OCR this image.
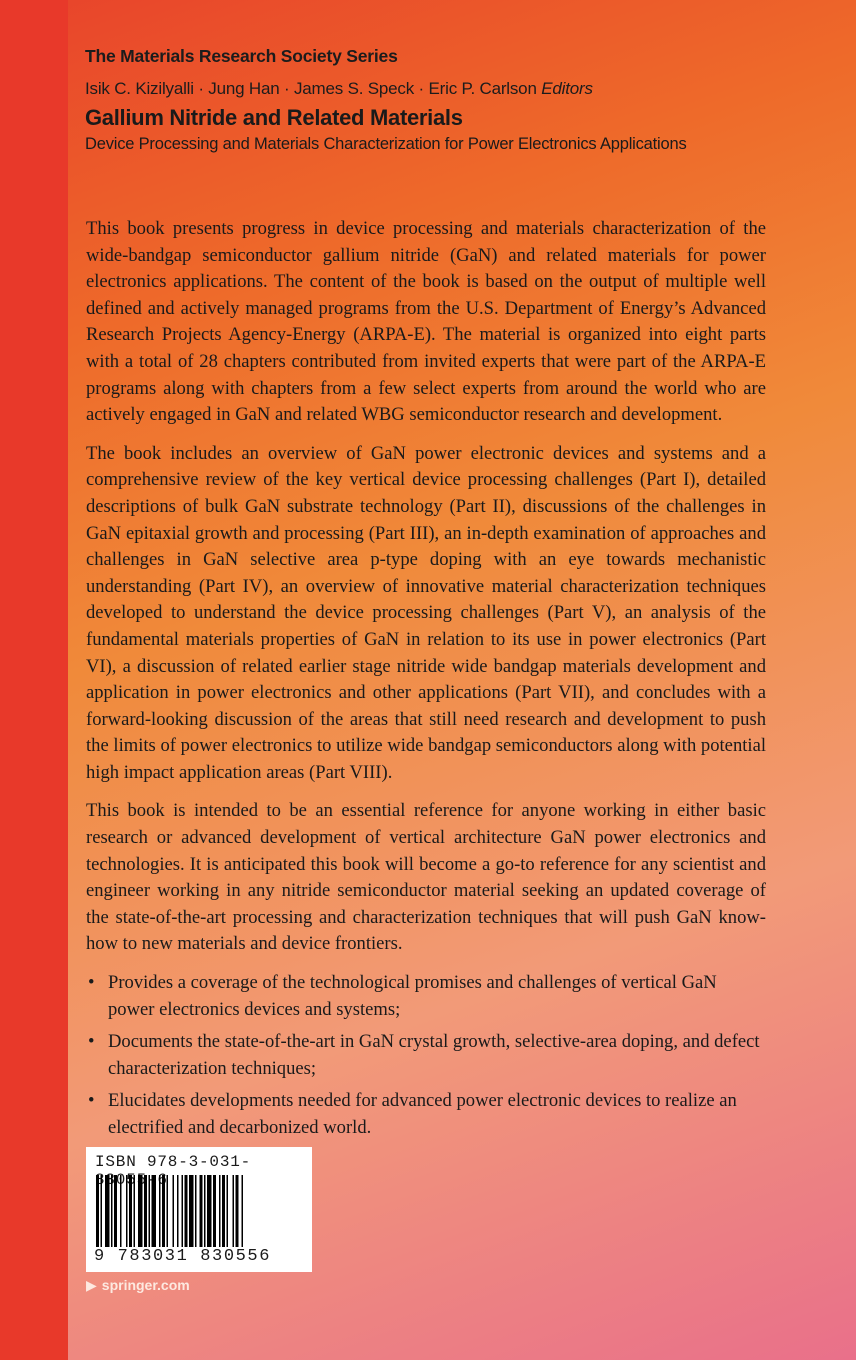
The Materials Research Society Series
Isik C. Kizilyalli · Jung Han · James S. Speck · Eric P. Carlson Editors
Gallium Nitride and Related Materials
Device Processing and Materials Characterization for Power Electronics Applications

This book presents progress in device processing and materials characterization of the wide-bandgap semiconductor gallium nitride (GaN) and related materials for power electronics applications. The content of the book is based on the output of multiple well defined and actively managed programs from the U.S. Department of Energy’s Advanced Research Projects Agency-Energy (ARPA-E). The material is organized into eight parts with a total of 28 chapters contributed from invited experts that were part of the ARPA-E programs along with chapters from a few select experts from around the world who are actively engaged in GaN and related WBG semiconductor research and development.

The book includes an overview of GaN power electronic devices and systems and a comprehensive review of the key vertical device processing challenges (Part I), detailed descriptions of bulk GaN substrate technology (Part II), discussions of the challenges in GaN epitaxial growth and processing (Part III), an in-depth examination of approaches and challenges in GaN selective area p-type doping with an eye towards mechanistic understanding (Part IV), an overview of innovative material characterization techniques developed to understand the device processing challenges (Part V), an analysis of the fundamental materials properties of GaN in relation to its use in power electronics (Part VI), a discussion of related earlier stage nitride wide bandgap materials development and application in power electronics and other applications (Part VII), and concludes with a forward-looking discussion of the areas that still need research and development to push the limits of power electronics to utilize wide bandgap semiconductors along with potential high impact application areas (Part VIII).

This book is intended to be an essential reference for anyone working in either basic research or advanced development of vertical architecture GaN power electronics and technologies. It is anticipated this book will become a go-to reference for any scientist and engineer working in any nitride semiconductor material seeking an updated coverage of the state-of-the-art processing and characterization techniques that will push GaN know-how to new materials and device frontiers.

• Provides a coverage of the technological promises and challenges of vertical GaN power electronics devices and systems;
• Documents the state-of-the-art in GaN crystal growth, selective-area doping, and defect characterization techniques;
• Elucidates developments needed for advanced power electronic devices to realize an electrified and decarbonized world.
ISBN 978-3-031-830 -6
9 783031 830556
▶ springer.com
